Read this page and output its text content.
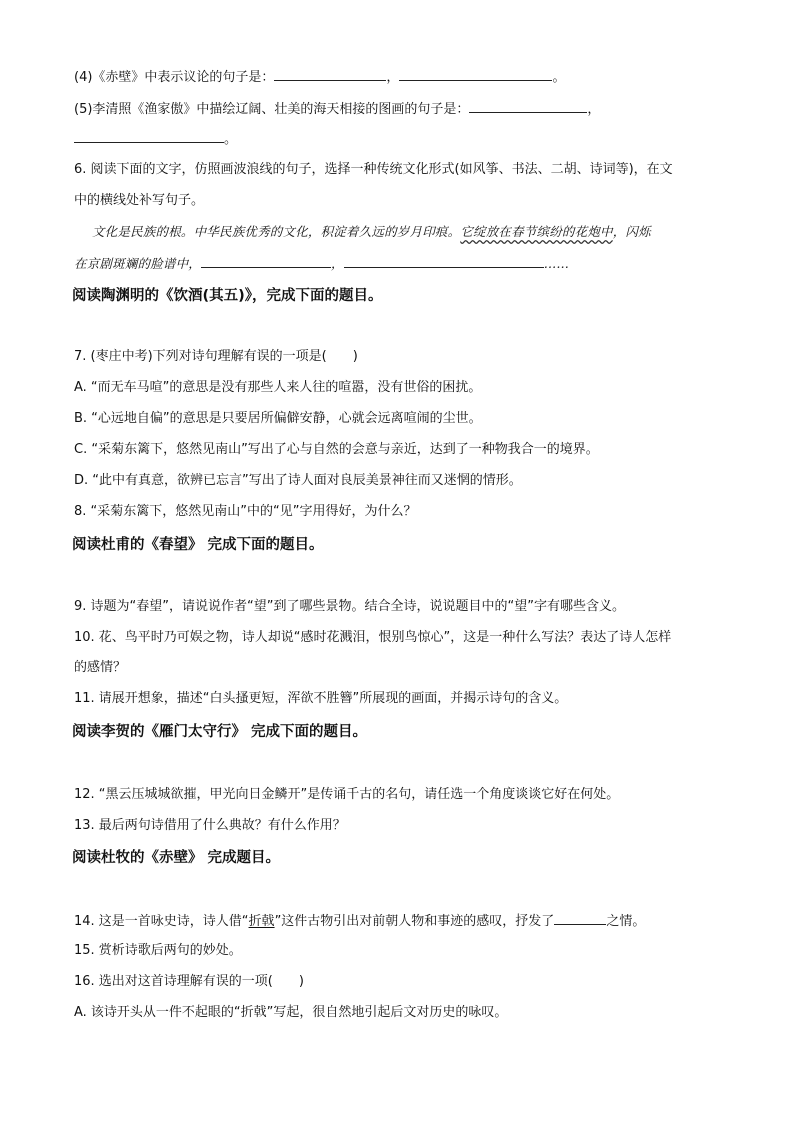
(4)《赤壁》中表示议论的句子是：	，	。
(5)李清照《渔家傲》中描绘辽阔、壮美的海天相接的图画的句子是：	，
。
6. 阅读下面的文字，仿照画波浪线的句子，选择一种传统文化形式(如风筝、书法、二胡、诗词等)，在文
中的横线处补写句子。
文化是民族的根。中华民族优秀的文化，积淀着久远的岁月印痕。它绽放在春节缤纷的花炮中，闪烁
在京剧斑斓的脸谱中，	，	……
阅读陶渊明的《饮酒(其五)》，完成下面的题目。
7. (枣庄中考)下列对诗句理解有误的一项是(　　)
A. “而无车马喧”的意思是没有那些人来人往的喧嚣，没有世俗的困扰。
B. “心远地自偏”的意思是只要居所偏僻安静，心就会远离喧闹的尘世。
C. “采菊东篱下，悠然见南山”写出了心与自然的会意与亲近，达到了一种物我合一的境界。
D. “此中有真意，欲辨已忘言”写出了诗人面对良辰美景神往而又迷惘的情形。
8. “采菊东篱下，悠然见南山”中的“见”字用得好，为什么？
阅读杜甫的《春望》 完成下面的题目。
9. 诗题为“春望”，请说说作者“望”到了哪些景物。结合全诗，说说题目中的“望”字有哪些含义。
10. 花、鸟平时乃可娱之物，诗人却说“感时花溅泪，恨别鸟惊心”，这是一种什么写法？表达了诗人怎样
的感情？
11. 请展开想象，描述“白头搔更短，浑欲不胜簪”所展现的画面，并揭示诗句的含义。
阅读李贺的《雁门太守行》 完成下面的题目。
12. “黑云压城城欲摧，甲光向日金鳞开”是传诵千古的名句，请任选一个角度谈谈它好在何处。
13. 最后两句诗借用了什么典故？有什么作用？
阅读杜牧的《赤壁》 完成题目。
14. 这是一首咏史诗，诗人借“折戟”这件古物引出对前朝人物和事迹的感叹，抒发了	之情。
15. 赏析诗歌后两句的妙处。
16. 选出对这首诗理解有误的一项(　　)
A. 该诗开头从一件不起眼的“折戟”写起，很自然地引起后文对历史的咏叹。
